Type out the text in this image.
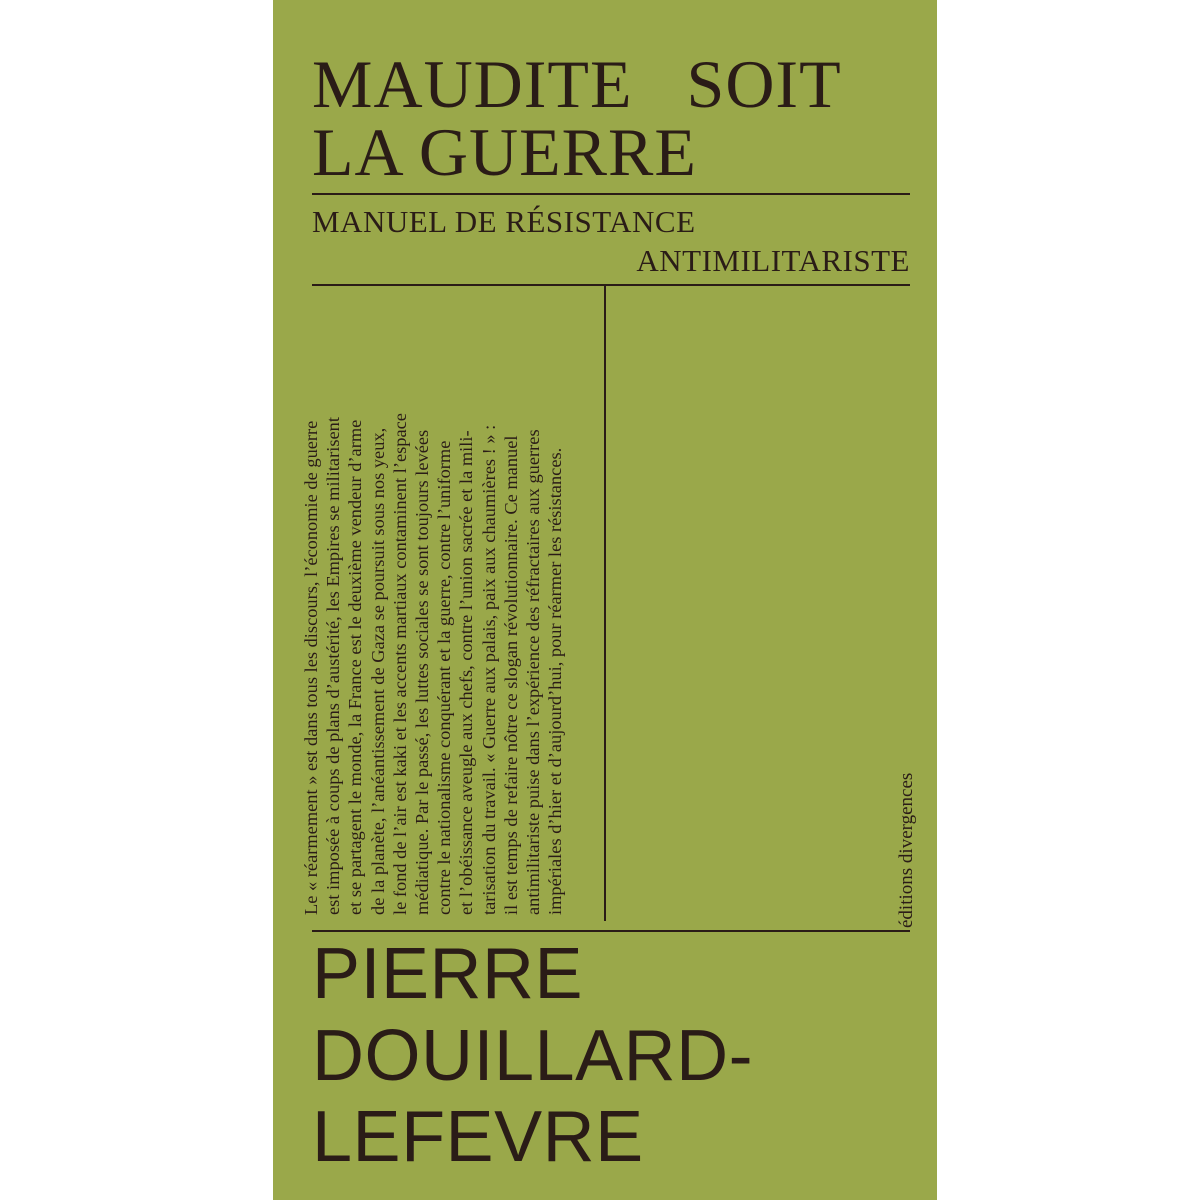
MAUDITE   SOIT
LA GUERRE
MANUEL DE RÉSISTANCE
ANTIMILITARISTE

Le « réarmement » est dans tous les discours, l’économie de guerre est imposée à coups de plans d’austérité, les Empires se militarisent et se partagent le monde, la France est le deuxième vendeur d’arme de la planète, l’anéantissement de Gaza se poursuit sous nos yeux, le fond de l’air est kaki et les accents martiaux contaminent l’espace médiatique. Par le passé, les luttes sociales se sont toujours levées contre le nationalisme conquérant et la guerre, contre l’uniforme et l’obéissance aveugle aux chefs, contre l’union sacrée et la mili- tarisation du travail. « Guerre aux palais, paix aux chaumières ! » : il est temps de refaire nôtre ce slogan révolutionnaire. Ce manuel antimilitariste puise dans l’expérience des réfractaires aux guerres impériales d’hier et d’aujourd’hui, pour réarmer les résistances.	éditions divergences
PIERRE
DOUILLARD-
LEFEVRE
